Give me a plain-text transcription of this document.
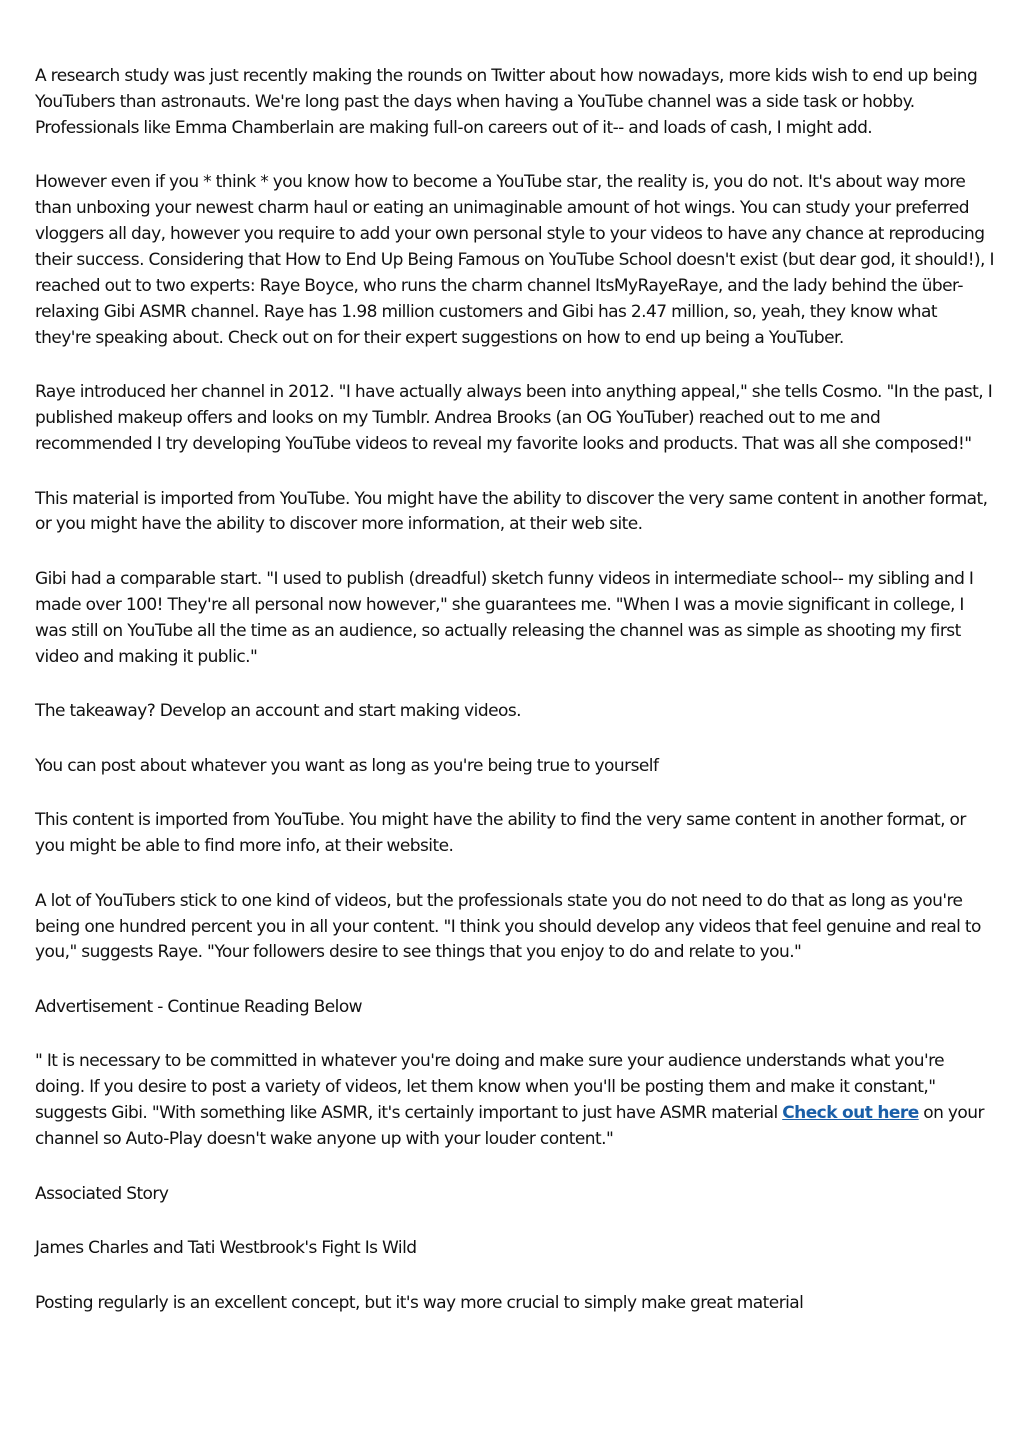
A research study was just recently making the rounds on Twitter about how nowadays, more kids wish to end up being YouTubers than astronauts. We're long past the days when having a YouTube channel was a side task or hobby. Professionals like Emma Chamberlain are making full-on careers out of it-- and loads of cash, I might add.

However even if you * think * you know how to become a YouTube star, the reality is, you do not. It's about way more than unboxing your newest charm haul or eating an unimaginable amount of hot wings. You can study your preferred vloggers all day, however you require to add your own personal style to your videos to have any chance at reproducing their success. Considering that How to End Up Being Famous on YouTube School doesn't exist (but dear god, it should!), I reached out to two experts: Raye Boyce, who runs the charm channel ItsMyRayeRaye, and the lady behind the über-relaxing Gibi ASMR channel. Raye has 1.98 million customers and Gibi has 2.47 million, so, yeah, they know what they're speaking about. Check out on for their expert suggestions on how to end up being a YouTuber.

Raye introduced her channel in 2012. "I have actually always been into anything appeal," she tells Cosmo. "In the past, I published makeup offers and looks on my Tumblr. Andrea Brooks (an OG YouTuber) reached out to me and recommended I try developing YouTube videos to reveal my favorite looks and products. That was all she composed!"

This material is imported from YouTube. You might have the ability to discover the very same content in another format, or you might have the ability to discover more information, at their web site.

Gibi had a comparable start. "I used to publish (dreadful) sketch funny videos in intermediate school-- my sibling and I made over 100! They're all personal now however," she guarantees me. "When I was a movie significant in college, I was still on YouTube all the time as an audience, so actually releasing the channel was as simple as shooting my first video and making it public."

The takeaway? Develop an account and start making videos.

You can post about whatever you want as long as you're being true to yourself

This content is imported from YouTube. You might have the ability to find the very same content in another format, or you might be able to find more info, at their website.

A lot of YouTubers stick to one kind of videos, but the professionals state you do not need to do that as long as you're being one hundred percent you in all your content. "I think you should develop any videos that feel genuine and real to you," suggests Raye. "Your followers desire to see things that you enjoy to do and relate to you."

Advertisement - Continue Reading Below

" It is necessary to be committed in whatever you're doing and make sure your audience understands what you're doing. If you desire to post a variety of videos, let them know when you'll be posting them and make it constant," suggests Gibi. "With something like ASMR, it's certainly important to just have ASMR material Check out here on your channel so Auto-Play doesn't wake anyone up with your louder content."

Associated Story

James Charles and Tati Westbrook's Fight Is Wild

Posting regularly is an excellent concept, but it's way more crucial to simply make great material
